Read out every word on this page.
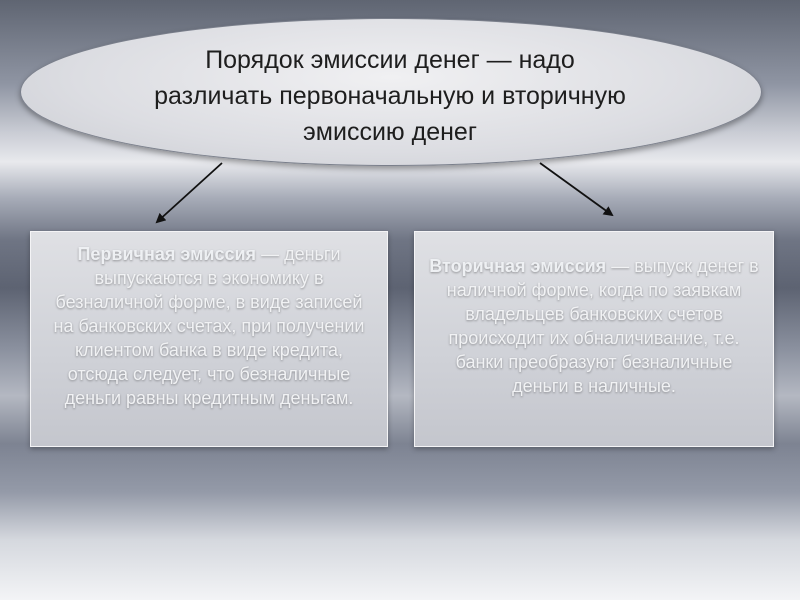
Порядок эмиссии денег — надо
различать первоначальную и вторичную
эмиссию денег
Первичная эмиссия — деньги выпускаются в экономику в безналичной форме, в виде записей на банковских счетах, при получении клиентом банка в виде кредита, отсюда следует, что безналичные деньги равны кредитным деньгам.
Вторичная эмиссия — выпуск денег в наличной форме, когда по заявкам владельцев банковских счетов происходит их обналичивание, т.е. банки преобразуют безналичные деньги в наличные.
